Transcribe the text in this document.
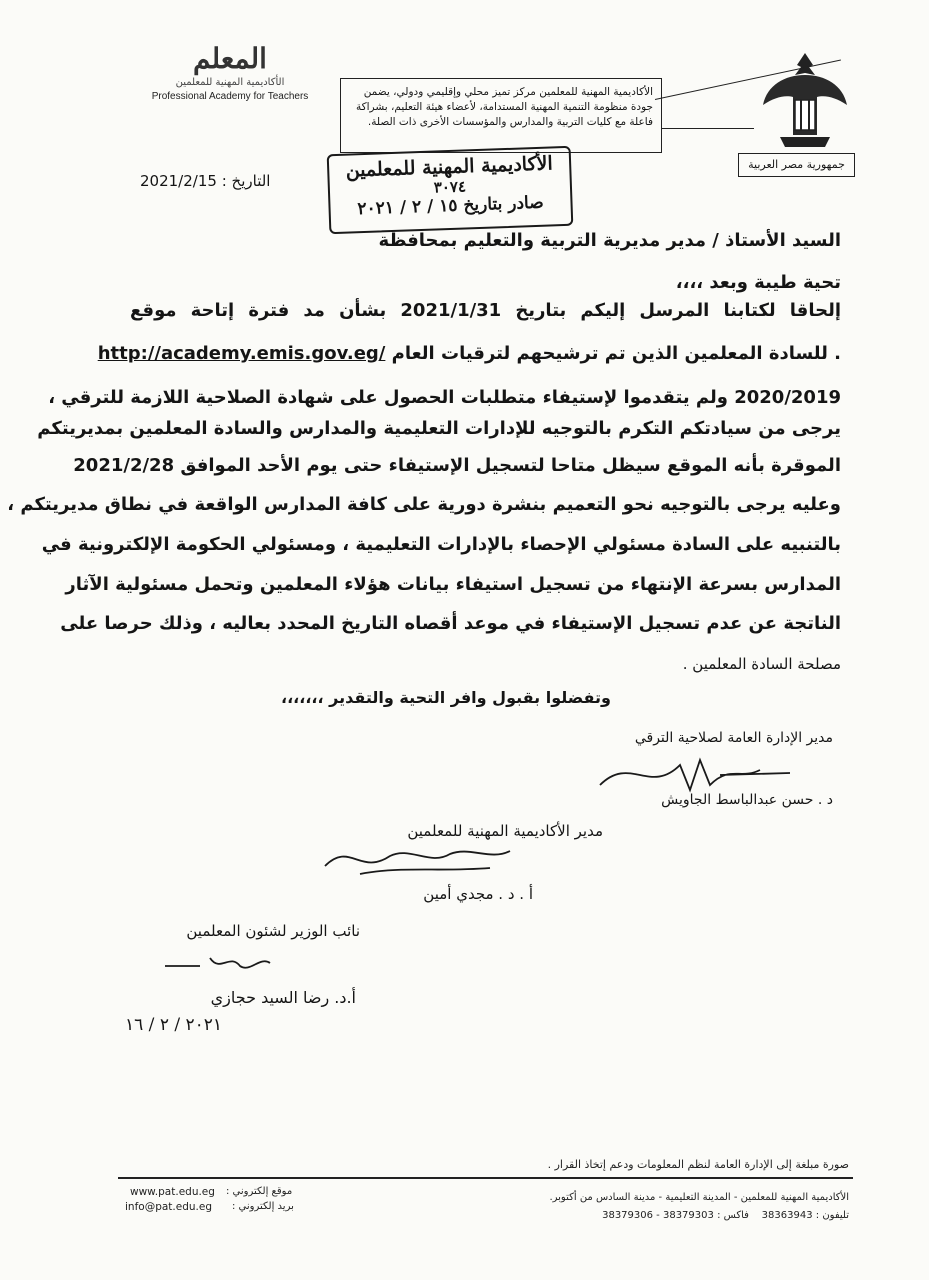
جمهورية مصر العربية
الأكاديمية المهنية للمعلمين مركز تميز محلي وإقليمي ودولي، يضمن جودة منظومة التنمية المهنية المستدامة، لأعضاء هيئة التعليم، بشراكة فاعلة مع كليات التربية والمدارس والمؤسسات الأخرى ذات الصلة.
المعلم
الأكاديمية المهنية للمعلمين
Professional Academy for Teachers
التاريخ : 2021/2/15	الأكاديمية المهنية للمعلمين
٣٠٧٤
صادر بتاريخ ١٥ / ٢ / ٢٠٢١
السيد الأستاذ / مدير مديرية التربية والتعليم بمحافظة
تحية طيبة وبعد ،،،،
إلحاقا لكتابنا المرسل إليكم بتاريخ 2021/1/31 بشأن مد فترة إتاحة موقع
. للسادة المعلمين الذين تم ترشيحهم لترقيات العام http://academy.emis.gov.eg/
2020/2019 ولم يتقدموا لإستيفاء متطلبات الحصول على شهادة الصلاحية اللازمة للترقي ،
يرجى من سيادتكم التكرم بالتوجيه للإدارات التعليمية والمدارس والسادة المعلمين بمديريتكم
الموقرة بأنه الموقع سيظل متاحا لتسجيل الإستيفاء حتى يوم الأحد الموافق 2021/2/28
وعليه يرجى بالتوجيه نحو التعميم بنشرة دورية على كافة المدارس الواقعة في نطاق مديريتكم ،
بالتنبيه على السادة مسئولي الإحصاء بالإدارات التعليمية ، ومسئولي الحكومة الإلكترونية في
المدارس بسرعة الإنتهاء من تسجيل استيفاء بيانات هؤلاء المعلمين وتحمل مسئولية الآثار
الناتجة عن عدم تسجيل الإستيفاء في موعد أقصاه التاريخ المحدد بعاليه ، وذلك حرصا على
مصلحة السادة المعلمين .
وتفضلوا بقبول وافر التحية والتقدير ،،،،،،،
مدير الإدارة العامة لصلاحية الترقي
د . حسن عبدالباسط الجاويش
مدير الأكاديمية المهنية للمعلمين
أ . د . مجدي أمين
نائب الوزير لشئون المعلمين
أ.د. رضا السيد حجازي
٢٠٢١ / ٢ / ١٦
صورة مبلغة إلى الإدارة العامة لنظم المعلومات ودعم إتخاذ القرار .
الأكاديمية المهنية للمعلمين - المدينة التعليمية - مدينة السادس من أكتوبر.
تليفون : 38363943    فاكس : 38379303 - 38379306
موقع إلكتروني :
www.pat.edu.eg
بريد إلكتروني :
info@pat.edu.eg
